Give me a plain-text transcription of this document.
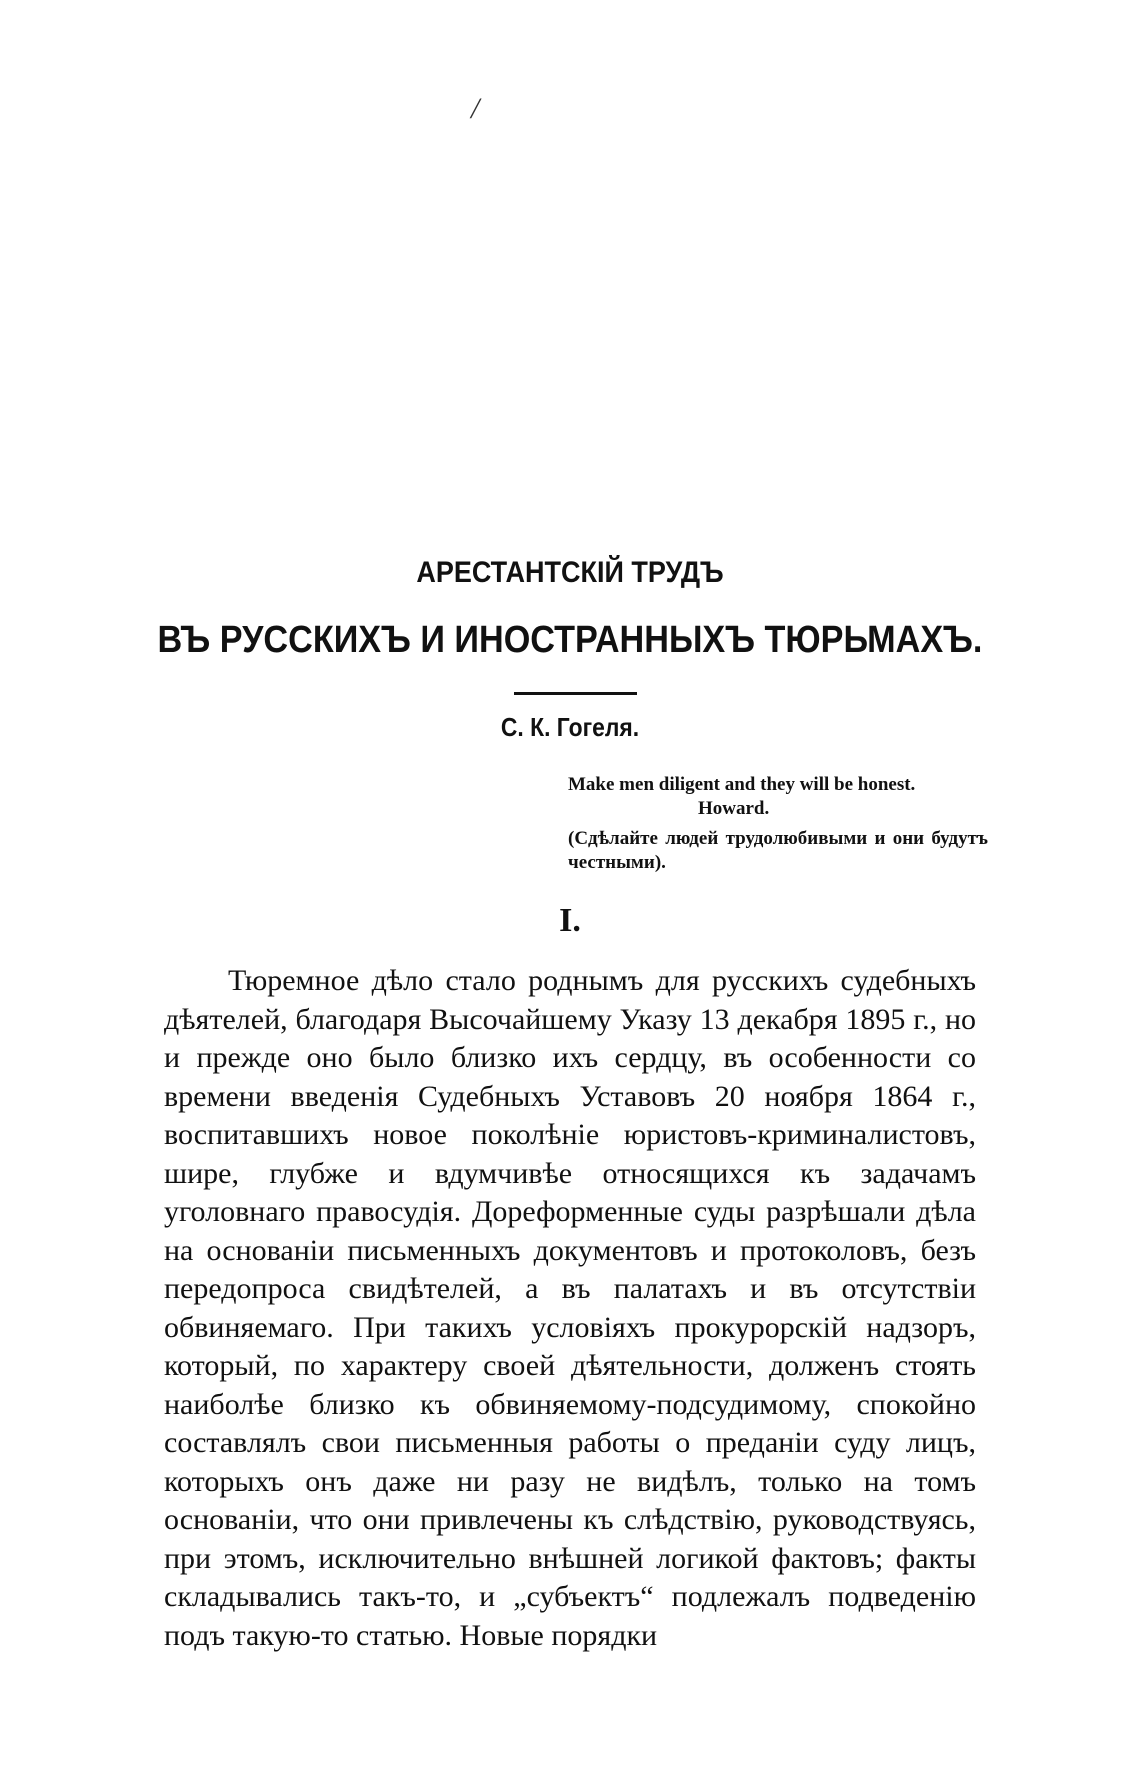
/
АРЕСТАНТСКІЙ ТРУДЪ
ВЪ РУССКИХЪ И ИНОСТРАННЫХЪ ТЮРЬМАХЪ.
С. К. Гогеля.
Make men diligent and they will be honest.
Howard.
(Сдѣлайте людей трудолюбивыми и они будутъ честными).
I.

Тюремное дѣло стало роднымъ для русскихъ судебныхъ дѣятелей, благодаря Высочайшему Указу 13 декабря 1895 г., но и прежде оно было близко ихъ сердцу, въ особенности со времени введенія Судебныхъ Уставовъ 20 ноября 1864 г., воспитавшихъ новое поколѣніе юристовъ-криминалистовъ, шире, глубже и вдумчивѣе относящихся къ задачамъ уголовнаго правосудія. Дореформенные суды разрѣшали дѣла на основаніи письменныхъ документовъ и протоколовъ, безъ передопроса свидѣтелей, а въ палатахъ и въ отсутствіи обвиняемаго. При такихъ условіяхъ прокурорскій надзоръ, который, по характеру своей дѣятельности, долженъ стоять наиболѣе близко къ обвиняемому-подсудимому, спокойно составлялъ свои письменныя работы о преданіи суду лицъ, которыхъ онъ даже ни разу не видѣлъ, только на томъ основаніи, что они привлечены къ слѣдствію, руководствуясь, при этомъ, исключительно внѣшней логикой фактовъ; факты складывались такъ-то, и „субъектъ“ подлежалъ подведенію подъ такую-то статью. Новые порядки
